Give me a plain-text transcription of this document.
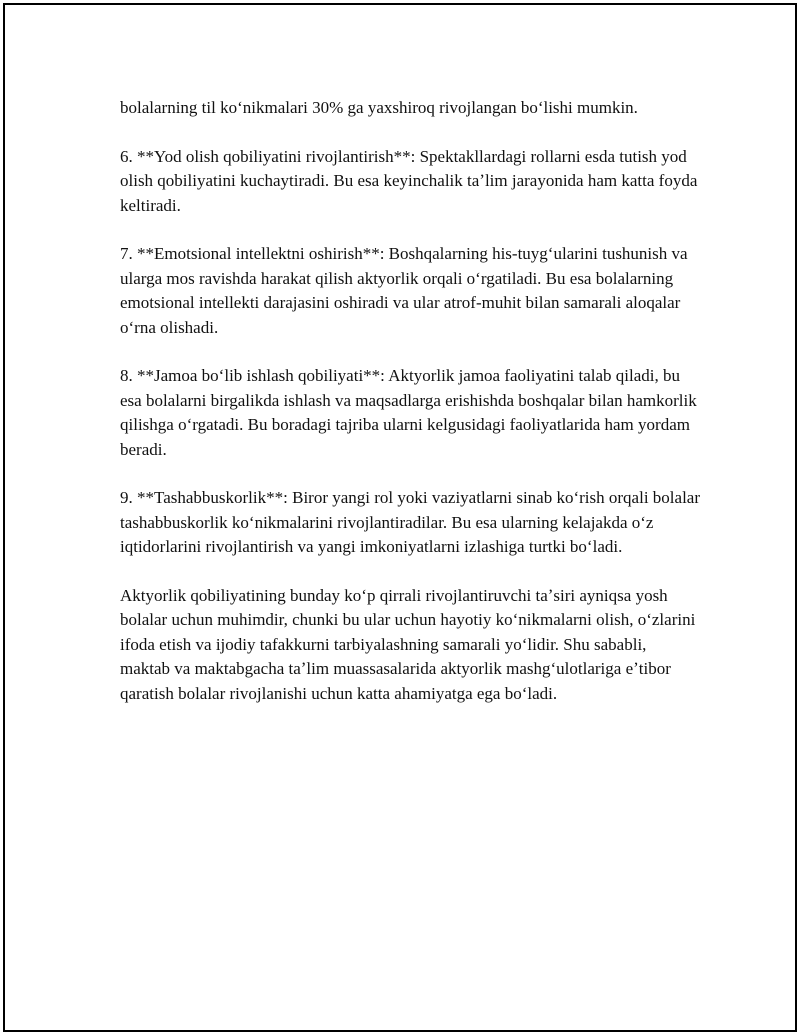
bolalarning til koʻnikmalari 30% ga yaxshiroq rivojlangan boʻlishi mumkin.

6. **Yod olish qobiliyatini rivojlantirish**: Spektakllardagi rollarni esda tutish yod olish qobiliyatini kuchaytiradi. Bu esa keyinchalik taʼlim jarayonida ham katta foyda keltiradi.

7. **Emotsional intellektni oshirish**: Boshqalarning his-tuygʻularini tushunish va ularga mos ravishda harakat qilish aktyorlik orqali oʻrgatiladi. Bu esa bolalarning emotsional intellekti darajasini oshiradi va ular atrof-muhit bilan samarali aloqalar oʻrna olishadi.

8. **Jamoa boʻlib ishlash qobiliyati**: Aktyorlik jamoa faoliyatini talab qiladi, bu esa bolalarni birgalikda ishlash va maqsadlarga erishishda boshqalar bilan hamkorlik qilishga oʻrgatadi. Bu boradagi tajriba ularni kelgusidagi faoliyatlarida ham yordam beradi.

9. **Tashabbuskorlik**: Biror yangi rol yoki vaziyatlarni sinab koʻrish orqali bolalar tashabbuskorlik koʻnikmalarini rivojlantiradilar. Bu esa ularning kelajakda oʻz iqtidorlarini rivojlantirish va yangi imkoniyatlarni izlashiga turtki boʻladi.

Aktyorlik qobiliyatining bunday koʻp qirrali rivojlantiruvchi taʼsiri ayniqsa yosh bolalar uchun muhimdir, chunki bu ular uchun hayotiy koʻnikmalarni olish, oʻzlarini ifoda etish va ijodiy tafakkurni tarbiyalashning samarali yoʻlidir. Shu sababli, maktab va maktabgacha taʼlim muassasalarida aktyorlik mashgʻulotlariga eʼtibor qaratish bolalar rivojlanishi uchun katta ahamiyatga ega boʻladi.
